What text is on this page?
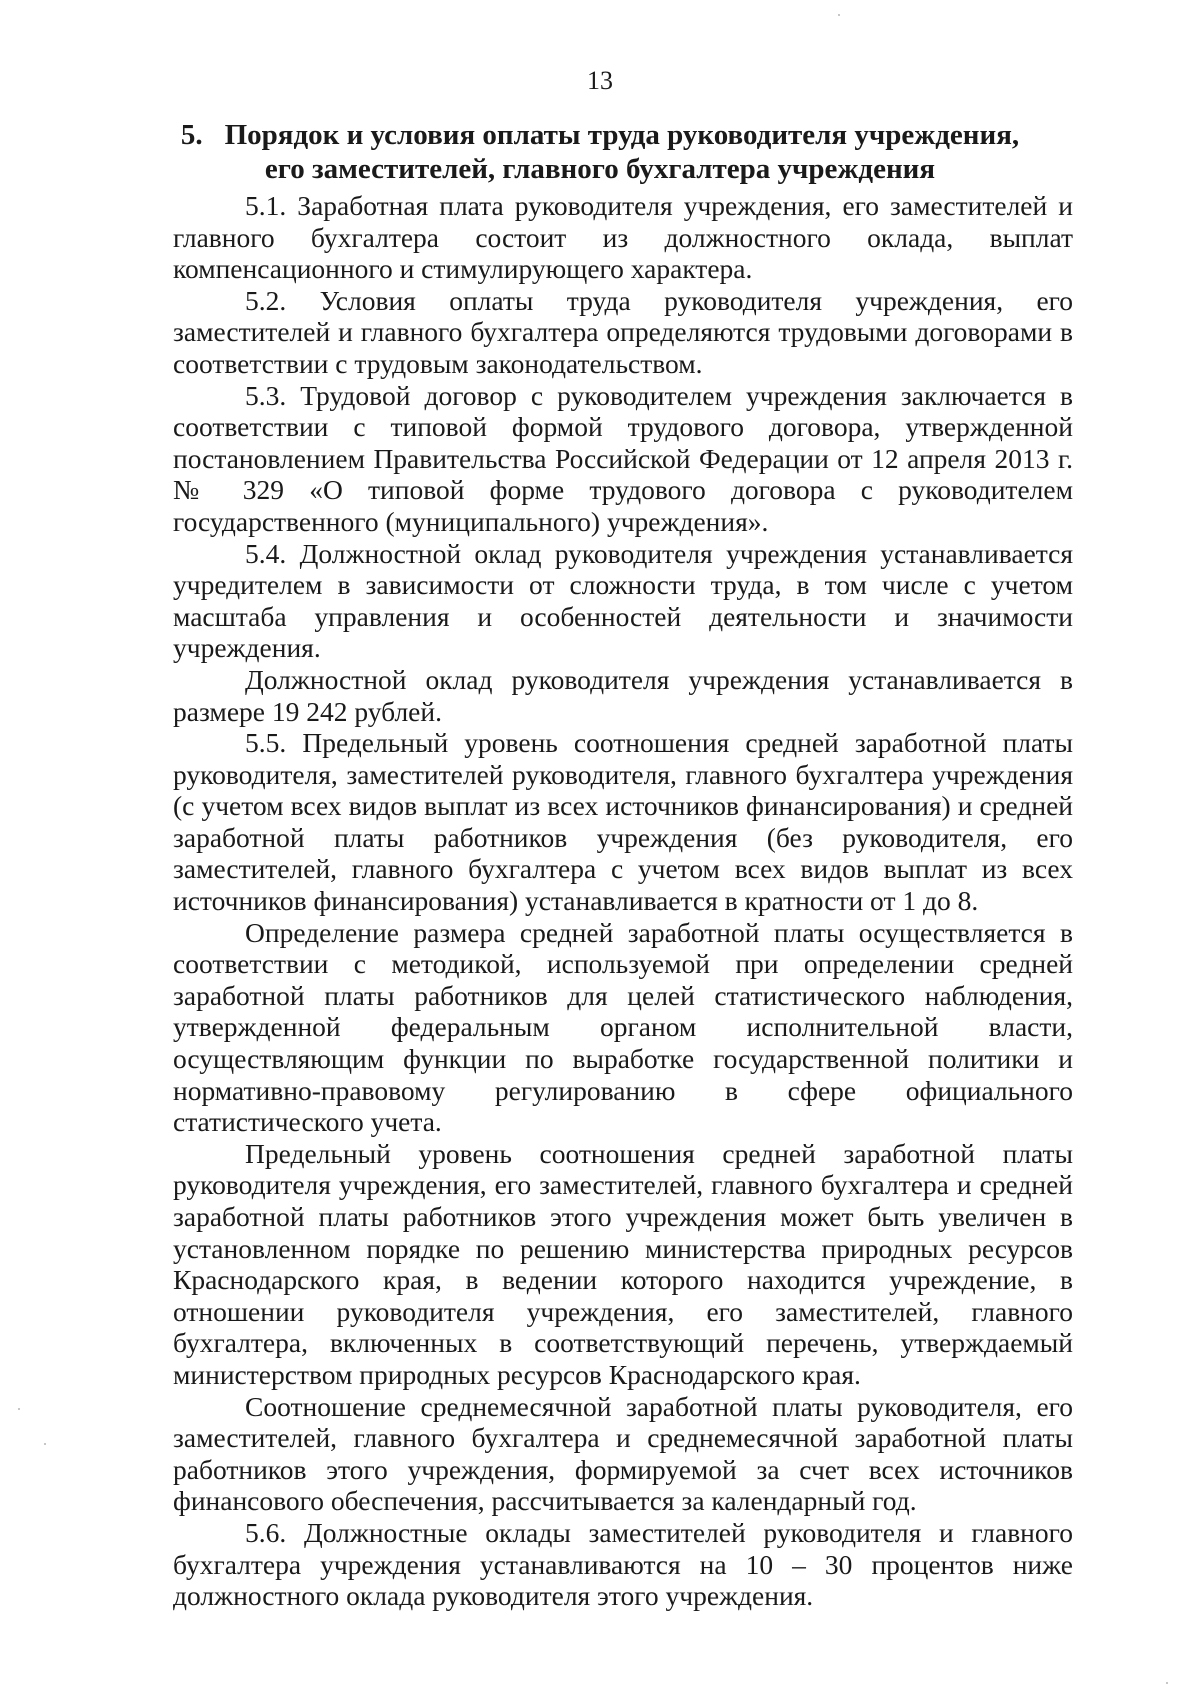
13
5. Порядок и условия оплаты труда руководителя учреждения,
его заместителей, главного бухгалтера учреждения

5.1. Заработная плата руководителя учреждения, его заместителей и главного бухгалтера состоит из должностного оклада, выплат компенсационного и стимулирующего характера.

5.2. Условия оплаты труда руководителя учреждения, его заместителей и главного бухгалтера определяются трудовыми договорами в соответствии с трудовым законодательством.

5.3. Трудовой договор с руководителем учреждения заключается в соответствии с типовой формой трудового договора, утвержденной постановлением Правительства Российской Федерации от 12 апреля 2013 г. № 329 «О типовой форме трудового договора с руководителем государственного (муниципального) учреждения».

5.4. Должностной оклад руководителя учреждения устанавливается учредителем в зависимости от сложности труда, в том числе с учетом масштаба управления и особенностей деятельности и значимости учреждения.

Должностной оклад руководителя учреждения устанавливается в размере 19 242 рублей.

5.5. Предельный уровень соотношения средней заработной платы руководителя, заместителей руководителя, главного бухгалтера учреждения (с учетом всех видов выплат из всех источников финансирования) и средней заработной платы работников учреждения (без руководителя, его заместителей, главного бухгалтера с учетом всех видов выплат из всех источников финансирования) устанавливается в кратности от 1 до 8.

Определение размера средней заработной платы осуществляется в соответствии с методикой, используемой при определении средней заработной платы работников для целей статистического наблюдения, утвержденной федеральным органом исполнительной власти, осуществляющим функции по выработке государственной политики и нормативно-правовому регулированию в сфере официального статистического учета.

Предельный уровень соотношения средней заработной платы руководителя учреждения, его заместителей, главного бухгалтера и средней заработной платы работников этого учреждения может быть увеличен в установленном порядке по решению министерства природных ресурсов Краснодарского края, в ведении которого находится учреждение, в отношении руководителя учреждения, его заместителей, главного бухгалтера, включенных в соответствующий перечень, утверждаемый министерством природных ресурсов Краснодарского края.

Соотношение среднемесячной заработной платы руководителя, его заместителей, главного бухгалтера и среднемесячной заработной платы работников этого учреждения, формируемой за счет всех источников финансового обеспечения, рассчитывается за календарный год.

5.6. Должностные оклады заместителей руководителя и главного бухгалтера учреждения устанавливаются на 10 – 30 процентов ниже должностного оклада руководителя этого учреждения.
